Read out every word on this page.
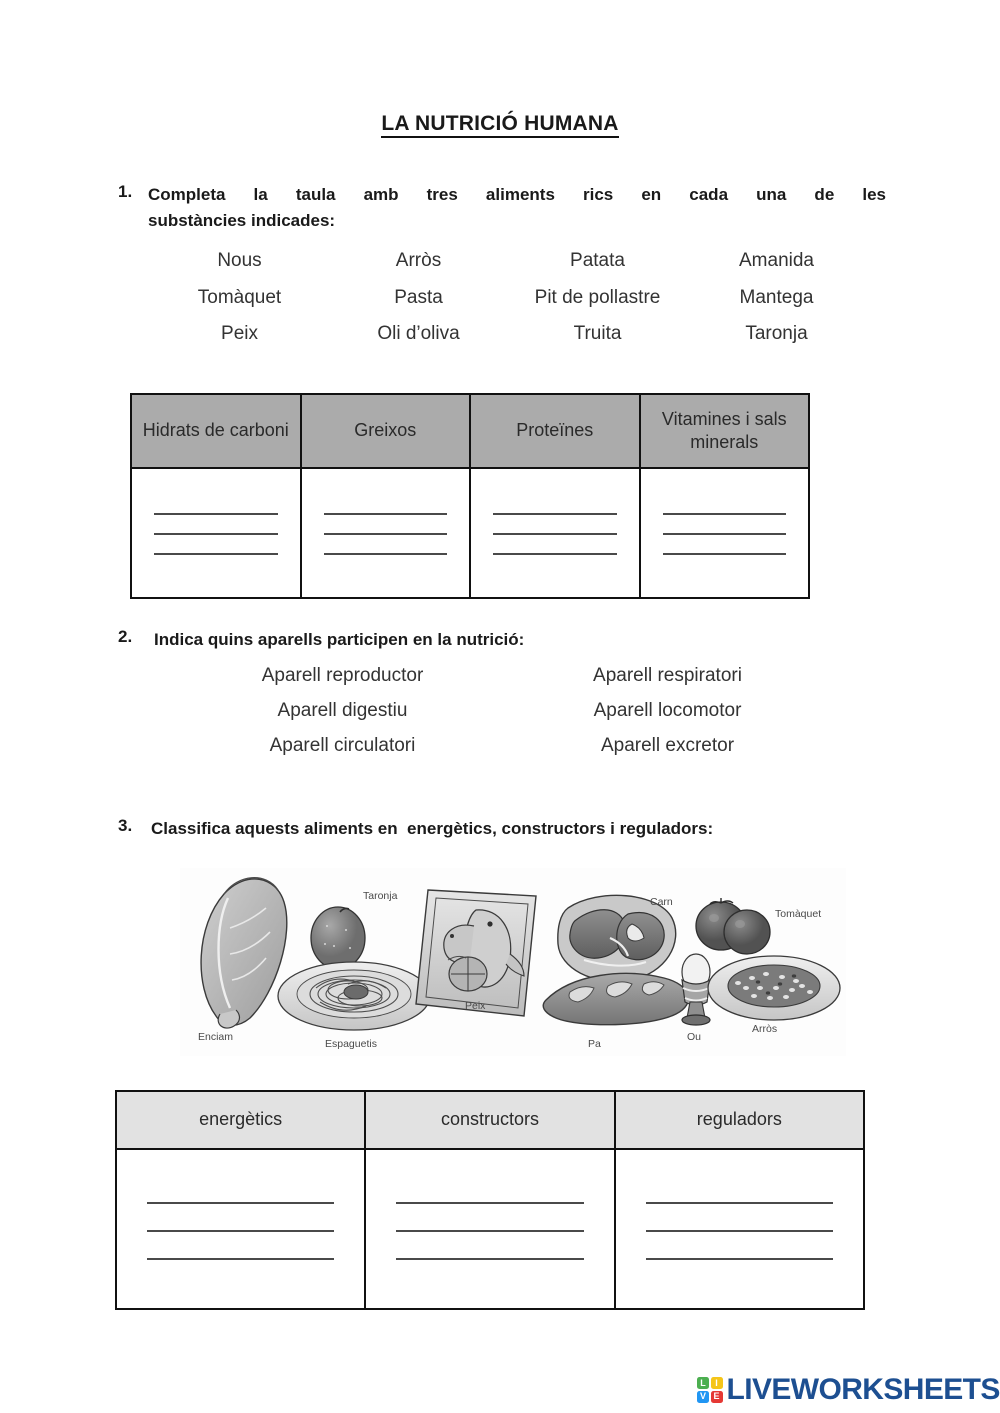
LA NUTRICIÓ HUMANA
1. Completa la taula amb tres aliments rics en cada una de les
substàncies indicades:
Nous	Arròs	Patata	Amanida
Tomàquet	Pasta	Pit de pollastre	Mantega
Peix	Oli d’oliva	Truita	Taronja
Hidrats de carboni	Greixos	Proteïnes	Vitamines i sals minerals

2.	Indica quins aparells participen en la nutrició:
Aparell reproductor	Aparell respiratori
Aparell digestiu	Aparell locomotor
Aparell circulatori	Aparell excretor
3.	Classifica aquests aliments en  energètics, constructors i reguladors:
Enciam
Taronja
Espaguetis
Peix
Carn
Pa
Ou
Tomàquet
Arròs
energètics	constructors	reguladors

L	I
V E LIVEWORKSHEETS
